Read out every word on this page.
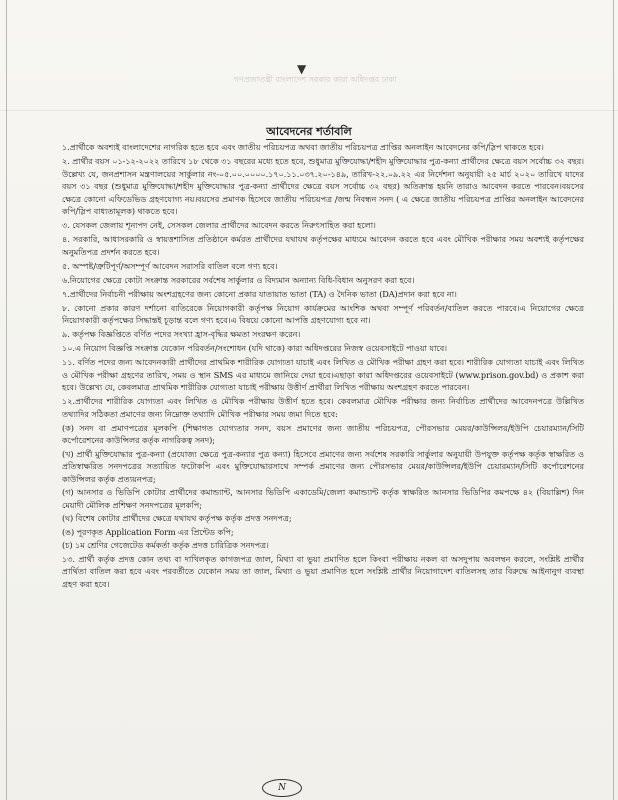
▼
গণপ্রজাতন্ত্রী বাংলাদেশ সরকার কারা অধিদপ্তর ঢাকা
আবেদনের শর্তাবলি

১.প্রার্থীকে অবশ্যই বাংলাদেশের নাগরিক হতে হবে এবং জাতীয় পরিচয়পত্র অথবা জাতীয় পরিচয়পত্র প্রাপ্তির অনলাইন আবেদনের কপি/স্লিপ থাকতে হবে।

২. প্রার্থীর বয়স ০১-১২-২০২২ তারিখে ১৮ থেকে ৩১ বছরের মধ্যে হতে হবে, শুধুমাত্র মুক্তিযোদ্ধা/শহীদ মুক্তিযোদ্ধার পুত্র-কন্যা প্রার্থীদের ক্ষেত্রে বয়স সর্বোচ্চ ৩২ বছর। উল্লেখ্য যে, জনপ্রশাসন মন্ত্রণালয়ের সার্কুলার নং-০৫.০০.০০০০.১৭০.১১.০৩৭.২০-১৪৯, তারিখ-২২.০৯.২২ এর নির্দেশনা অনুযায়ী ২৫ মার্চ ২০২০ তারিখে যাদের বয়স ৩১ বছর (শুধুমাত্র মুক্তিযোদ্ধা/শহীদ মুক্তিযোদ্ধার পুত্র-কন্যা প্রার্থীদের ক্ষেত্রে বয়স সর্বোচ্চ ৩২ বছর) অতিক্রান্ত হয়নি তারাও আবেদন করতে পারবেন।বয়সের ক্ষেত্রে কোনো এফিডেভিড গ্রহণযোগ্য নয়।বয়সের প্রমাণক হিসেবে জাতীয় পরিচয়পত্র /জন্ম নিবন্ধন সনদ ( এ ক্ষেত্রে জাতীয় পরিচয়পত্র প্রাপ্তির অনলাইন আবেদনের কপি/স্লিপ বাধ্যতামূলক) থাকতে হবে।

৩. যেসকল জেলায় শূন্যপদ নেই, সেসকল জেলার প্রার্থীদের আবেদন করতে নিরুৎসাহিত করা হলো।

৪. সরকারি, আধাসরকারি ও স্বায়ত্তশাসিত প্রতিষ্ঠানে কর্মরত প্রার্থীদের যথাযথ কর্তৃপক্ষের মাধ্যমে আবেদন করতে হবে এবং মৌখিক পরীক্ষার সময় অবশ্যই কর্তৃপক্ষের অনুমতিপত্র প্রদর্শন করতে হবে।

৫. অস্পষ্ট/ত্রুটিপূর্ণ/অসম্পূর্ণ আবেদন সরাসরি বাতিল বলে গণ্য হবে।

৬.নিয়োগের ক্ষেত্রে কোটা সংক্রান্ত সরকারের সর্বশেষ সার্কুলার ও বিদ্যমান অন্যান্য বিধি-বিধান অনুসরণ করা হবে।

৭.প্রার্থীদের নির্বাচনী পরীক্ষায় অংশগ্রহণের জন্য কোনো প্রকার যাতায়াত ভাতা (TA) ও দৈনিক ভাতা (DA)প্রদান করা হবে না।

৮. কোনো প্রকার কারণ দর্শানো ব্যতিরেকে নিয়োগকারী কর্তৃপক্ষ নিয়োগ কার্যক্রমের আংশিক অথবা সম্পূর্ণ পরিবর্তন/বাতিল করতে পারবে।এ নিয়োগের ক্ষেত্রে নিয়োগকারী কর্তৃপক্ষের সিদ্ধান্তই চূড়ান্ত বলে গণ্য হবে।এ বিষয়ে কোনো আপত্তি গ্রহণযোগ্য হবে না।

৯. কর্তৃপক্ষ বিজ্ঞপ্তিতে বর্ণিত পদের সংখ্যা হ্রাস-বৃদ্ধির ক্ষমতা সংরক্ষণ করেন।

১০.এ নিয়োগ বিজ্ঞপ্তি সংক্রান্ত যেকোন পরিবর্তন/সংশোধন (যদি থাকে) কারা অধিদপ্তরের নিজস্ব ওয়েবসাইটে পাওয়া যাবে।

১১. বর্ণিত পদের জন্য আবেদনকারী প্রার্থীদের প্রাথমিক শারীরিক যোগ্যতা যাচাই এবং লিখিত ও মৌখিক পরীক্ষা গ্রহণ করা হবে। শারীরিক যোগ্যতা যাচাই এবং লিখিত ও মৌখিক পরীক্ষা গ্রহণের তারিখ, সময় ও স্থান SMS এর মাধ্যমে জানিয়ে দেয়া হবে।এছাড়া কারা অধিদপ্তরের ওয়েবসাইটে (www.prison.gov.bd) ও প্রকাশ করা হবে। উল্লেখ্য যে, কেবলমাত্র প্রাথমিক শারীরিক যোগ্যতা যাচাই পরীক্ষায় উত্তীর্ণ প্রার্থীরা লিখিত পরীক্ষায় অংশগ্রহণ করতে পারবেন।

১২.প্রার্থীদের শারীরিক যোগ্যতা এবং লিখিত ও মৌখিক পরীক্ষায় উত্তীর্ণ হতে হবে। কেবলমাত্র মৌখিক পরীক্ষার জন্য নির্বাচিত প্রার্থীদের আবেদনপত্রে উল্লিখিত তথ্যাদির সঠিকতা প্রমাণের জন্য নিম্নোক্ত তথ্যাদি মৌখিক পরীক্ষার সময় জমা দিতে হবে:

(ক) সনদ বা প্রমাণপত্রের মূলকপি (শিক্ষাগত যোগ্যতার সনদ, বয়স প্রমাণের জন্য জাতীয় পরিচয়পত্র, পৌরসভার মেয়র/কাউন্সিলর/ইউপি চেয়ারম্যান/সিটি কর্পোরেশনের কাউন্সিলর কর্তৃক নাগরিকত্ব সনদ);

(খ) প্রার্থী মুক্তিযোদ্ধার পুত্র-কন্যা (প্রযোজ্য ক্ষেত্রে পুত্র-কন্যার পুত্র কন্যা) হিসেবে প্রমাণের জন্য সর্বশেষ সরকারি সার্কুলার অনুযায়ী উপযুক্ত কর্তৃপক্ষ কর্তৃক স্বাক্ষরিত ও প্রতিস্বাক্ষরিত সনদপত্রের সত্যায়িত ফটোকপি এবং মুক্তিযোদ্ধারসাথে সম্পর্ক প্রমাণের জন্য পৌরসভার মেয়র/কাউন্সিলর/ইউপি চেয়ারম্যান/সিটি কর্পোরেশনের কাউন্সিলর কর্তৃক প্রত্যয়নপত্র;

(গ) আনসার ও ভিডিপি কোটার প্রার্থীদের কমান্ড্যান্ট, আনসার ভিডিপি একাডেমি/জেলা কমান্ড্যান্ট কর্তৃক স্বাক্ষরিত আনসার ভিডিপির কমপক্ষে ৪২ (বিয়াল্লিশ) দিন মেয়াদী মৌলিক প্রশিক্ষণ সনদপত্রের মূলকপি;

(ঘ) বিশেষ কোটার প্রার্থীদের ক্ষেত্রে যথাযথ কর্তৃপক্ষ কর্তৃক প্রদত্ত সনদপত্র;

(ঙ) পূরণকৃত Application Form এর প্রিন্টেড কপি;

(চ) ১ম শ্রেণির গেজেটেড কর্মকর্তা কর্তৃক প্রদত্ত চারিত্রিক সনদপত্র।

১৩. প্রার্থী কর্তৃক প্রদত্ত কোন তথ্য বা দাখিলকৃত কাগজপত্র জাল, মিথ্যা বা ভুয়া প্রমাণিত হলে কিংবা পরীক্ষায় নকল বা অসদুপায় অবলম্বন করলে, সংশ্লিষ্ট প্রার্থীর প্রার্থিতা বাতিল করা হবে এবং পরবর্তীতে যেকোন সময় তা জাল, মিথ্যা ও ভুয়া প্রমাণিত হলে সংশ্লিষ্ট প্রার্থীর নিয়োগাদেশ বাতিলসহ তার বিরুদ্ধে আইনানুগ ব্যবস্থা গ্রহণ করা হবে।

N
